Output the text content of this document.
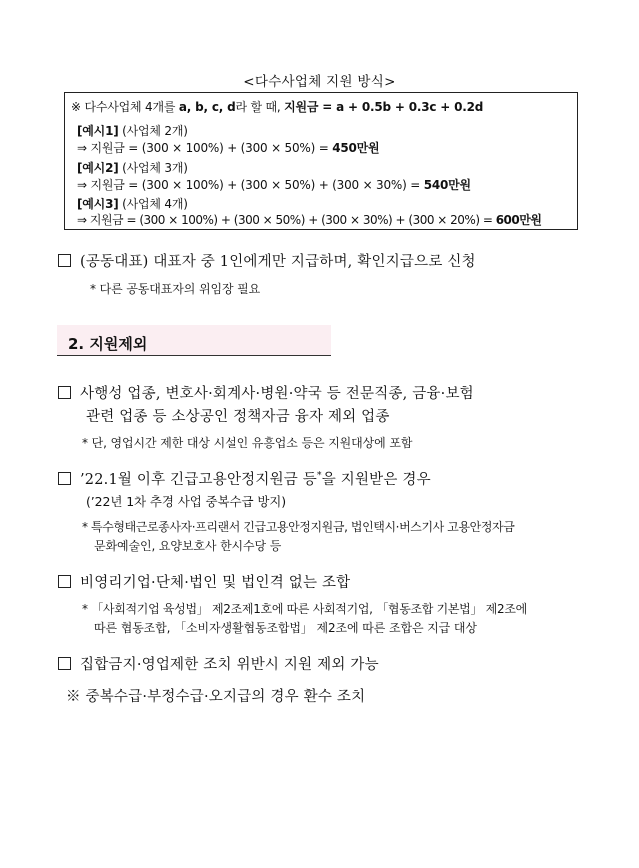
<다수사업체 지원 방식>
※ 다수사업체 4개를 a, b, c, d라 할 때, 지원금 = a + 0.5b + 0.3c + 0.2d
[예시1] (사업체 2개)
⇒ 지원금 = (300 × 100%) + (300 × 50%) = 450만원
[예시2] (사업체 3개)
⇒ 지원금 = (300 × 100%) + (300 × 50%) + (300 × 30%) = 540만원
[예시3] (사업체 4개)
⇒ 지원금 = (300 × 100%) + (300 × 50%) + (300 × 30%) + (300 × 20%) = 600만원
(공동대표) 대표자 중 1인에게만 지급하며, 확인지급으로 신청
* 다른 공동대표자의 위임장 필요
2. 지원제외
사행성 업종, 변호사·회계사·병원·약국 등 전문직종, 금융·보험
관련 업종 등 소상공인 정책자금 융자 제외 업종
* 단, 영업시간 제한 대상 시설인 유흥업소 등은 지원대상에 포함
’22.1월 이후 긴급고용안정지원금 등*을 지원받은 경우
(’22년 1차 추경 사업 중복수급 방지)
* 특수형태근로종사자·프리랜서 긴급고용안정지원금, 법인택시·버스기사 고용안정자금
문화예술인, 요양보호사 한시수당 등
비영리기업·단체·법인 및 법인격 없는 조합
* 「사회적기업 육성법」 제2조제1호에 따른 사회적기업, 「협동조합 기본법」 제2조에
따른 협동조합, 「소비자생활협동조합법」 제2조에 따른 조합은 지급 대상
집합금지·영업제한 조치 위반시 지원 제외 가능
※ 중복수급·부정수급·오지급의 경우 환수 조치
